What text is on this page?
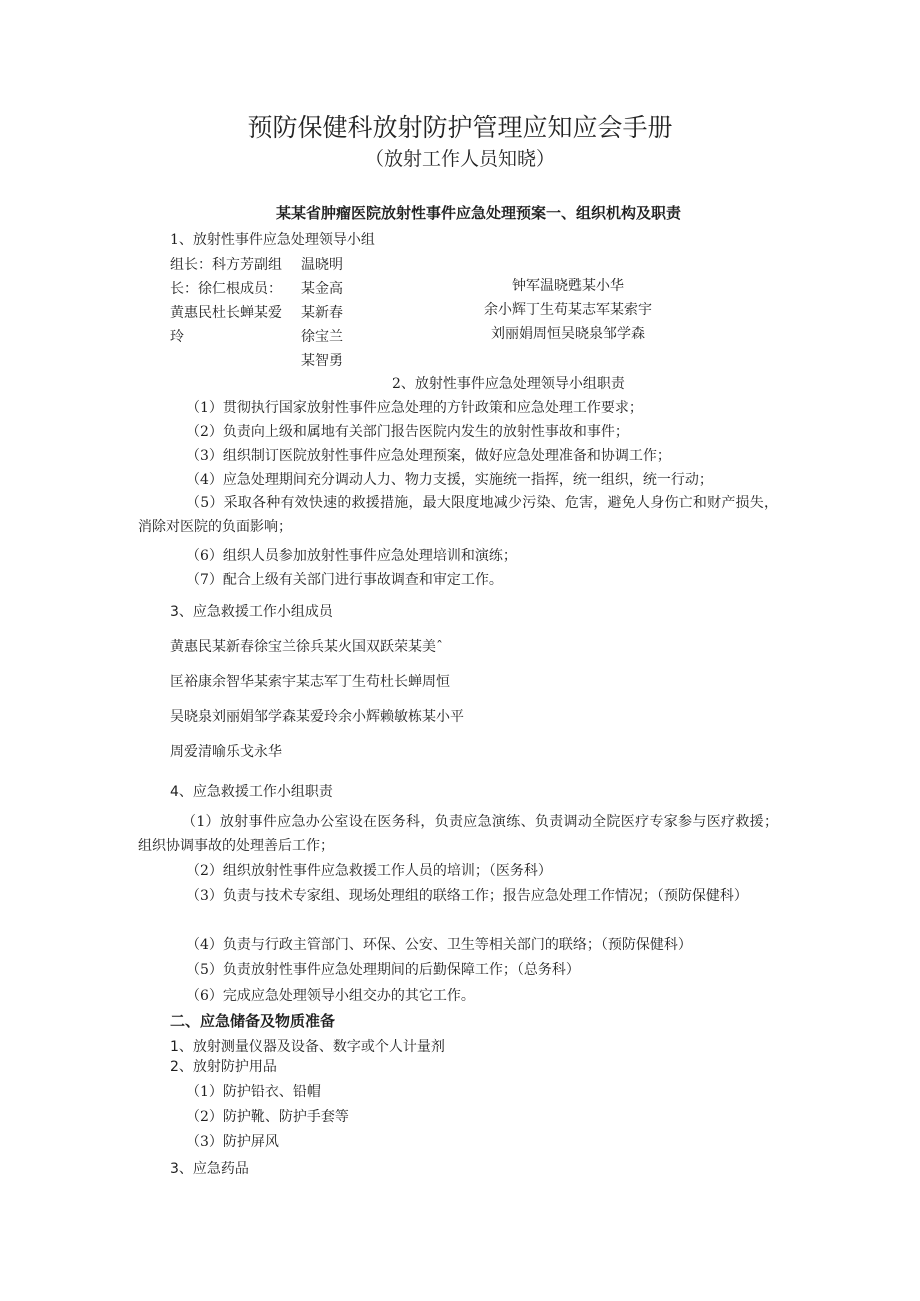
预防保健科放射防护管理应知应会手册
（放射工作人员知晓）
某某省肿瘤医院放射性事件应急处理预案一、组织机构及职责
1、放射性事件应急处理领导小组
组长：科方芳副组
长：徐仁根成员：
黄惠民杜长蝉某爱
玲
温晓明
某金高
某新春
徐宝兰
某智勇
钟军温晓甦某小华
余小辉丁生苟某志军某索宇
刘丽娟周恒吴晓泉邹学森
2、放射性事件应急处理领导小组职责
（1）贯彻执行国家放射性事件应急处理的方针政策和应急处理工作要求；
（2）负责向上级和属地有关部门报告医院内发生的放射性事故和事件；
（3）组织制订医院放射性事件应急处理预案，做好应急处理准备和协调工作；
（4）应急处理期间充分调动人力、物力支援，实施统一指挥，统一组织，统一行动；
（5）采取各种有效快速的救援措施，最大限度地减少污染、危害，避免人身伤亡和财产损失，消除对医院的负面影响；
（6）组织人员参加放射性事件应急处理培训和演练；
（7）配合上级有关部门进行事故调查和审定工作。
3、应急救援工作小组成员
黄惠民某新春徐宝兰徐兵某火国双跃荣某美ˆ
匡裕康余智华某索宇某志军丁生苟杜长蝉周恒
吴晓泉刘丽娟邹学森某爱玲余小辉赖敏栋某小平
周爱清喻乐戈永华
4、应急救援工作小组职责
（1）放射事件应急办公室设在医务科，负责应急演练、负责调动全院医疗专家参与医疗救援；组织协调事故的处理善后工作；
（2）组织放射性事件应急救援工作人员的培训；（医务科）
（3）负责与技术专家组、现场处理组的联络工作；报告应急处理工作情况；（预防保健科）
（4）负责与行政主管部门、环保、公安、卫生等相关部门的联络；（预防保健科）
（5）负责放射性事件应急处理期间的后勤保障工作；（总务科）
（6）完成应急处理领导小组交办的其它工作。
二、应急储备及物质准备
1、放射测量仪器及设备、数字或个人计量剂
2、放射防护用品
（1）防护铅衣、铅帽
（2）防护靴、防护手套等
（3）防护屏风
3、应急药品
